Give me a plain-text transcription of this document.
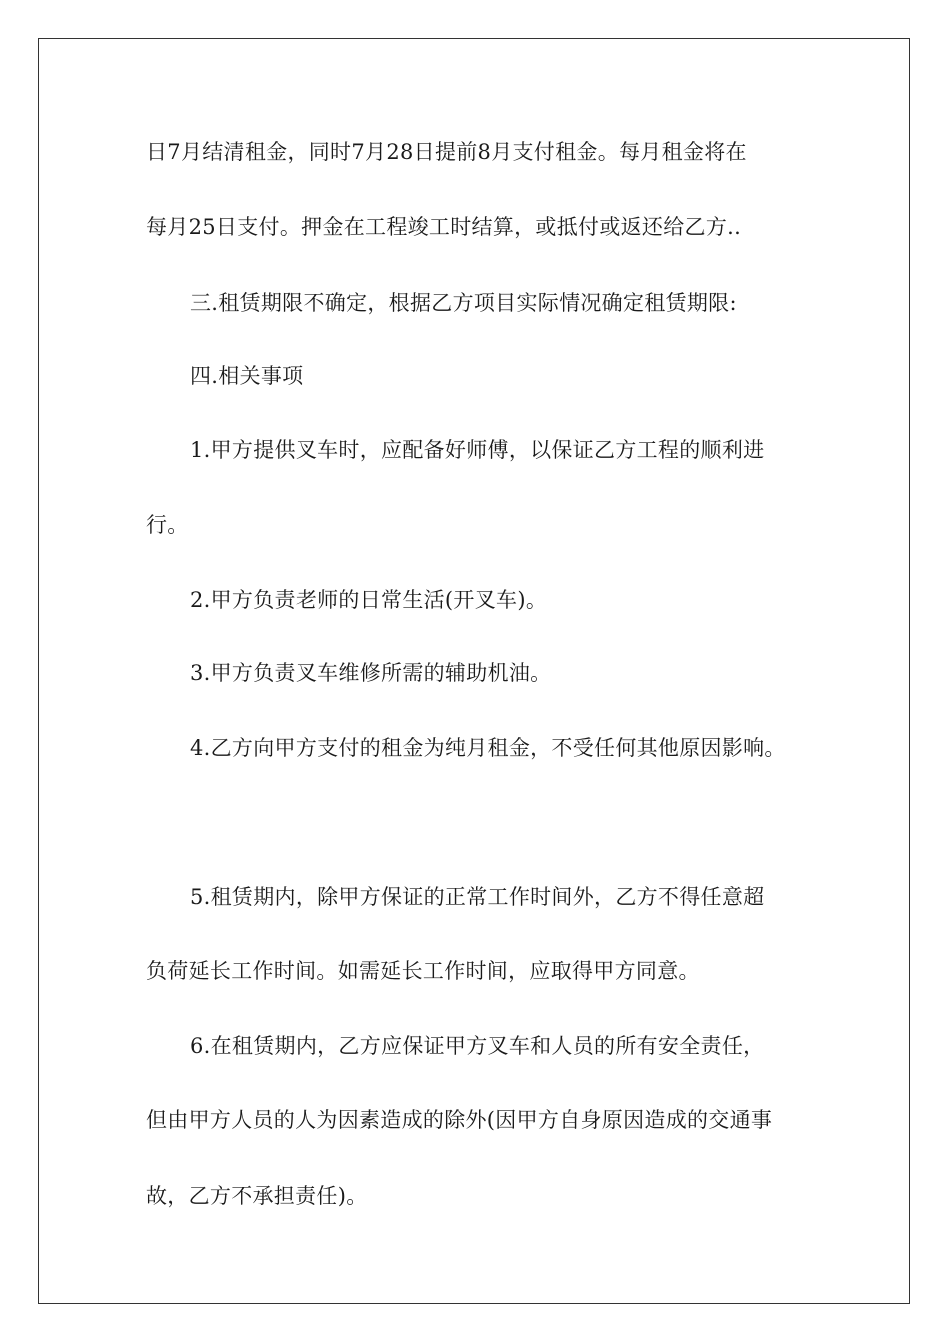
日7月结清租金，同时7月28日提前8月支付租金。每月租金将在
每月25日支付。押金在工程竣工时结算，或抵付或返还给乙方..
三.租赁期限不确定，根据乙方项目实际情况确定租赁期限:
四.相关事项
1.甲方提供叉车时，应配备好师傅，以保证乙方工程的顺利进
行。
2.甲方负责老师的日常生活(开叉车)。
3.甲方负责叉车维修所需的辅助机油。
4.乙方向甲方支付的租金为纯月租金，不受任何其他原因影响。
5.租赁期内，除甲方保证的正常工作时间外，乙方不得任意超
负荷延长工作时间。如需延长工作时间，应取得甲方同意。
6.在租赁期内，乙方应保证甲方叉车和人员的所有安全责任，
但由甲方人员的人为因素造成的除外(因甲方自身原因造成的交通事
故，乙方不承担责任)。
